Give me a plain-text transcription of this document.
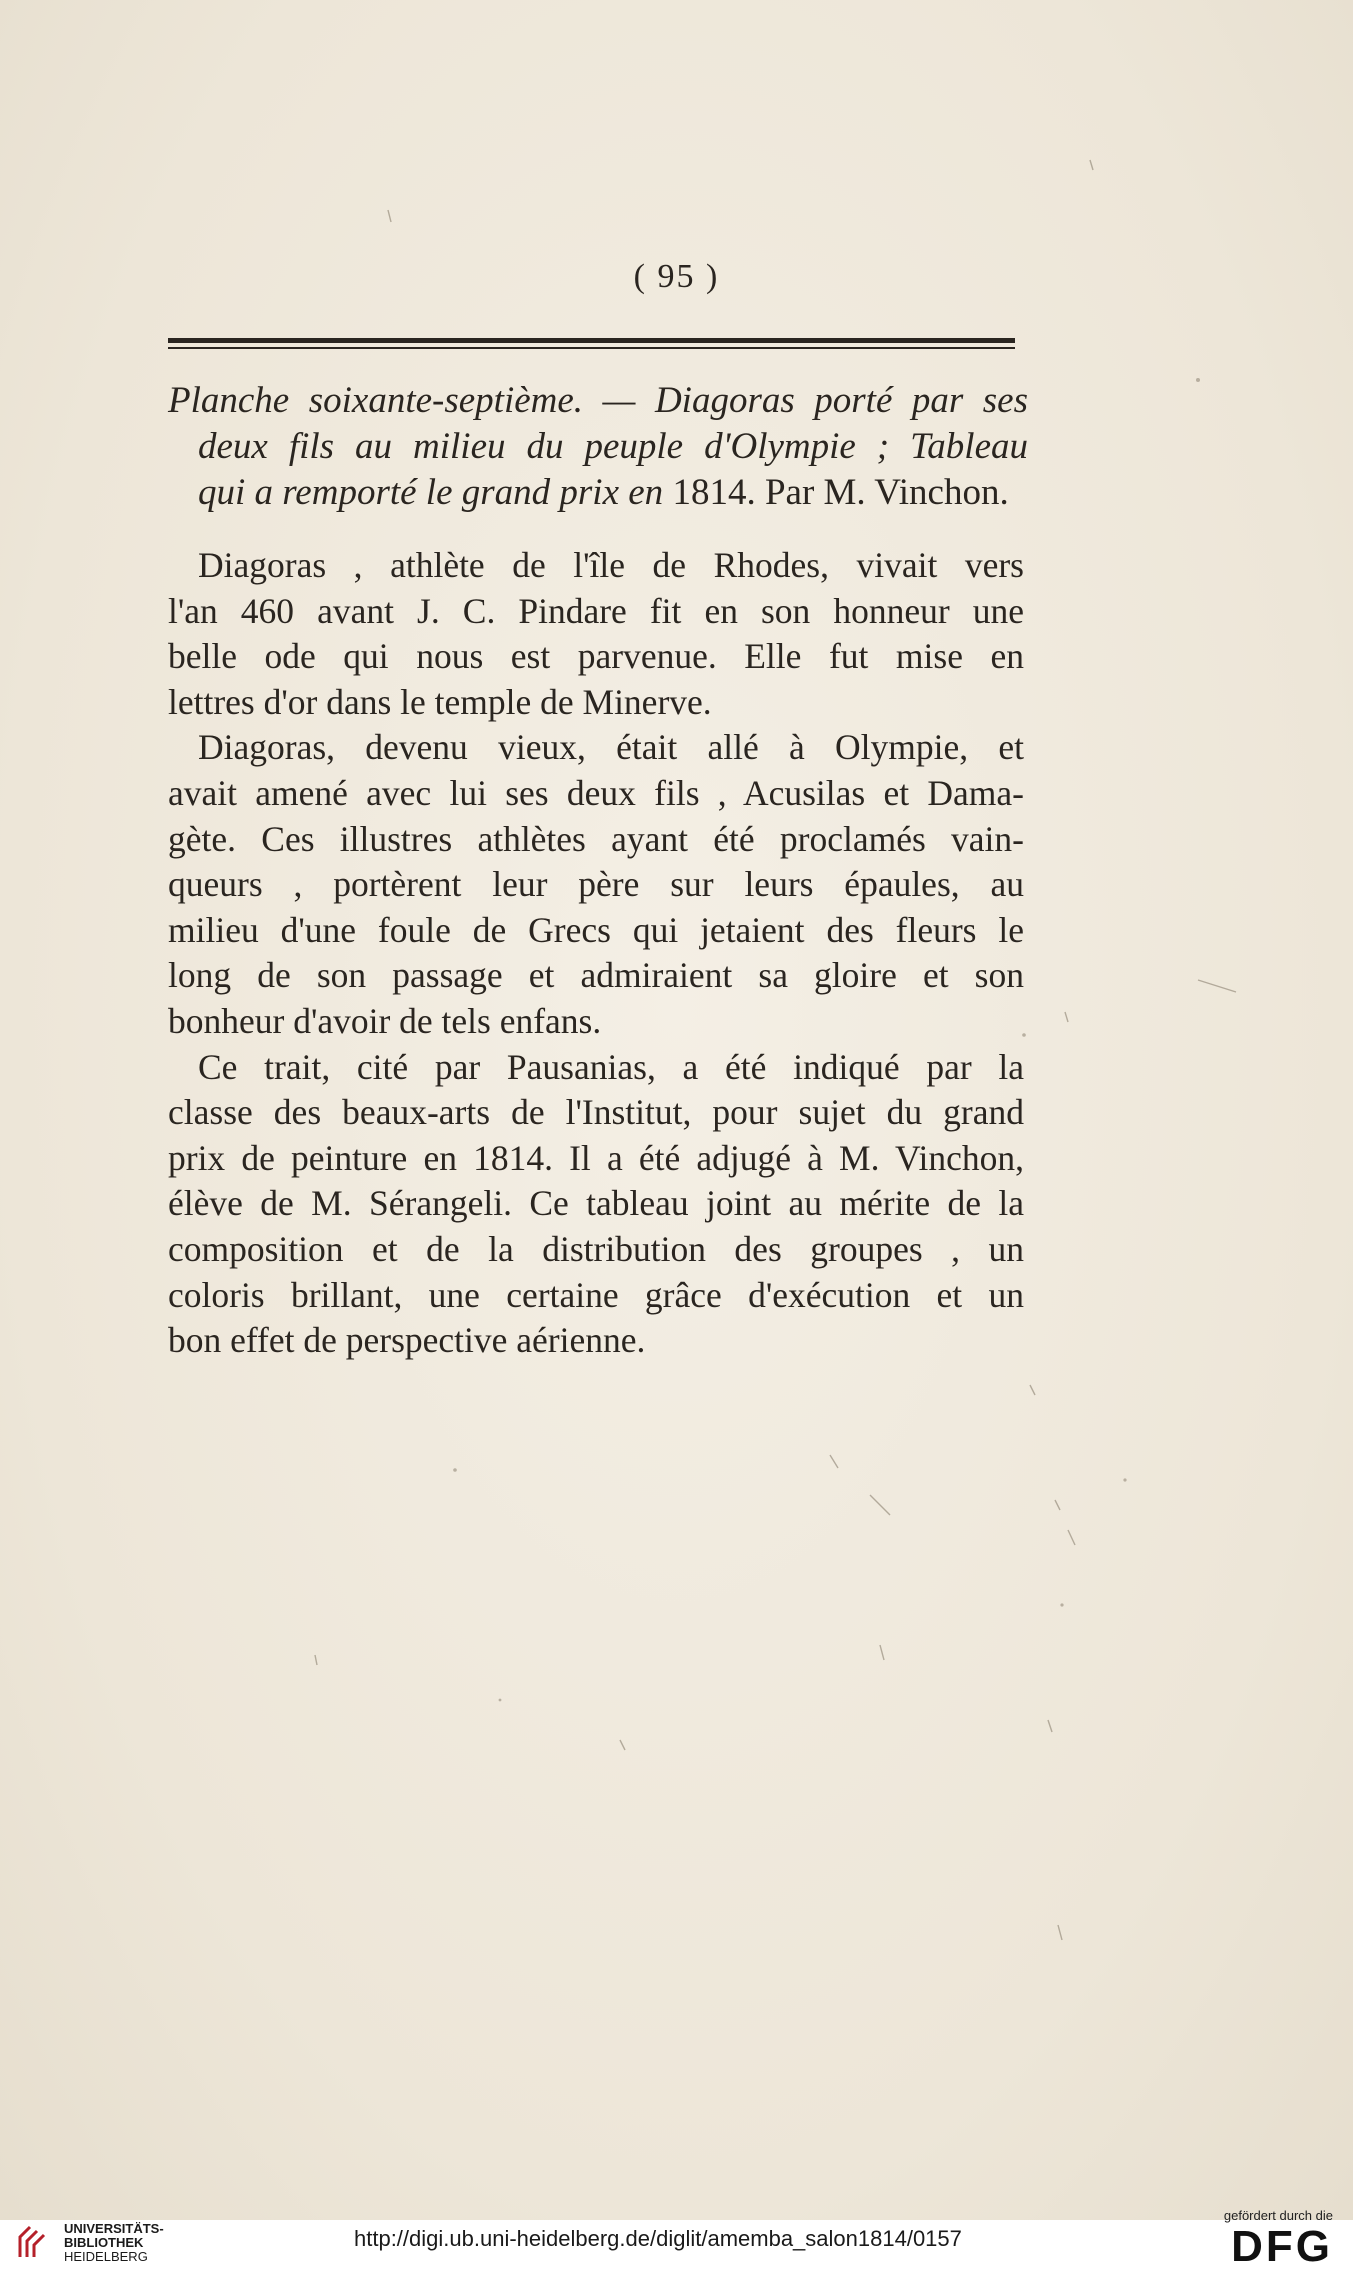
( 95 )
Planche soixante-septième. — Diagoras porté par ses
deux fils au milieu du peuple d'Olympie ; Tableau
qui a remporté le grand prix en 1814. Par M. Vinchon.
Diagoras , athlète de l'île de Rhodes, vivait vers
l'an 460 avant J. C. Pindare fit en son honneur une
belle ode qui nous est parvenue. Elle fut mise en
lettres d'or dans le temple de Minerve.
Diagoras, devenu vieux, était allé à Olympie, et
avait amené avec lui ses deux fils , Acusilas et Dama-
gète. Ces illustres athlètes ayant été proclamés vain-
queurs , portèrent leur père sur leurs épaules, au
milieu d'une foule de Grecs qui jetaient des fleurs le
long de son passage et admiraient sa gloire et son
bonheur d'avoir de tels enfans.
Ce trait, cité par Pausanias, a été indiqué par la
classe des beaux-arts de l'Institut, pour sujet du grand
prix de peinture en 1814. Il a été adjugé à M. Vinchon,
élève de M. Sérangeli. Ce tableau joint au mérite de la
composition et de la distribution des groupes , un
coloris brillant, une certaine grâce d'exécution et un
bon effet de perspective aérienne.
UNIVERSITÄTS-
BIBLIOTHEK
HEIDELBERG
http://digi.ub.uni-heidelberg.de/diglit/amemba_salon1814/0157
gefördert durch die
DFG
